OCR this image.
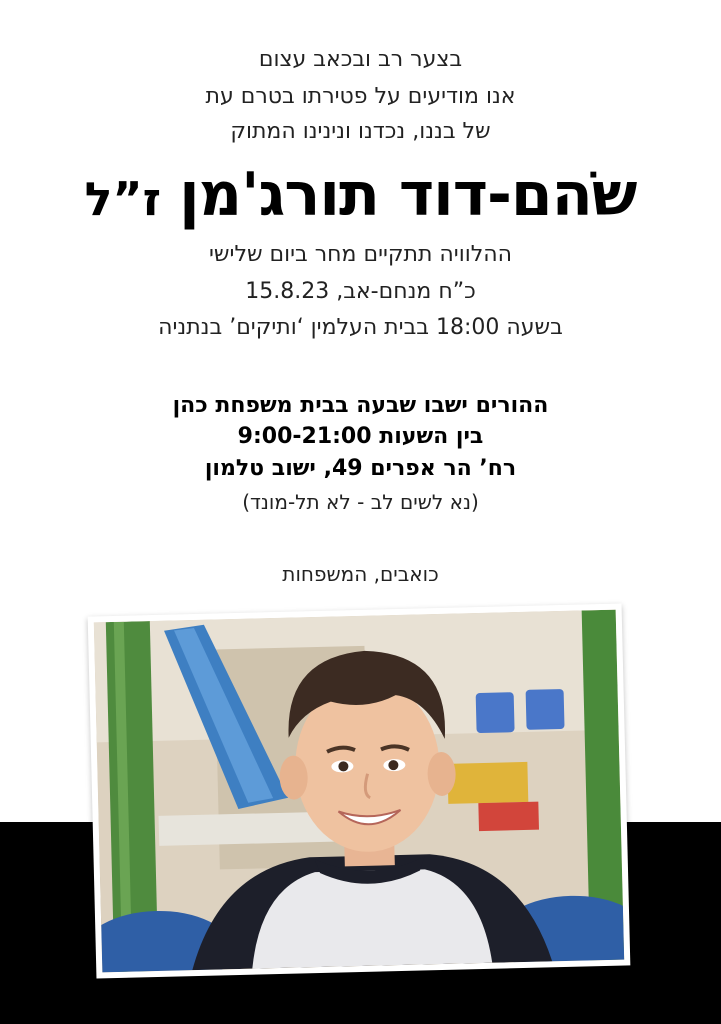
בצער רב ובכאב עצום
אנו מודיעים על פטירתו בטרם עת
של בננו, נכדנו ונינינו המתוק
שֹהם-דוד תורג'מןז”ל
ההלוויה תתקיים מחר ביום שלישי
כ”ח מנחם-אב, 15.8.23
בשעה 18:00 בבית העלמין ‘ותיקים’ בנתניה
ההורים ישבו שבעה בבית משפחת כהן
בין השעות 9:00-21:00
רח’ הר אפרים 49, ישוב טלמון
(נא לשים לב - לא תל-מונד)
כואבים, המשפחות
